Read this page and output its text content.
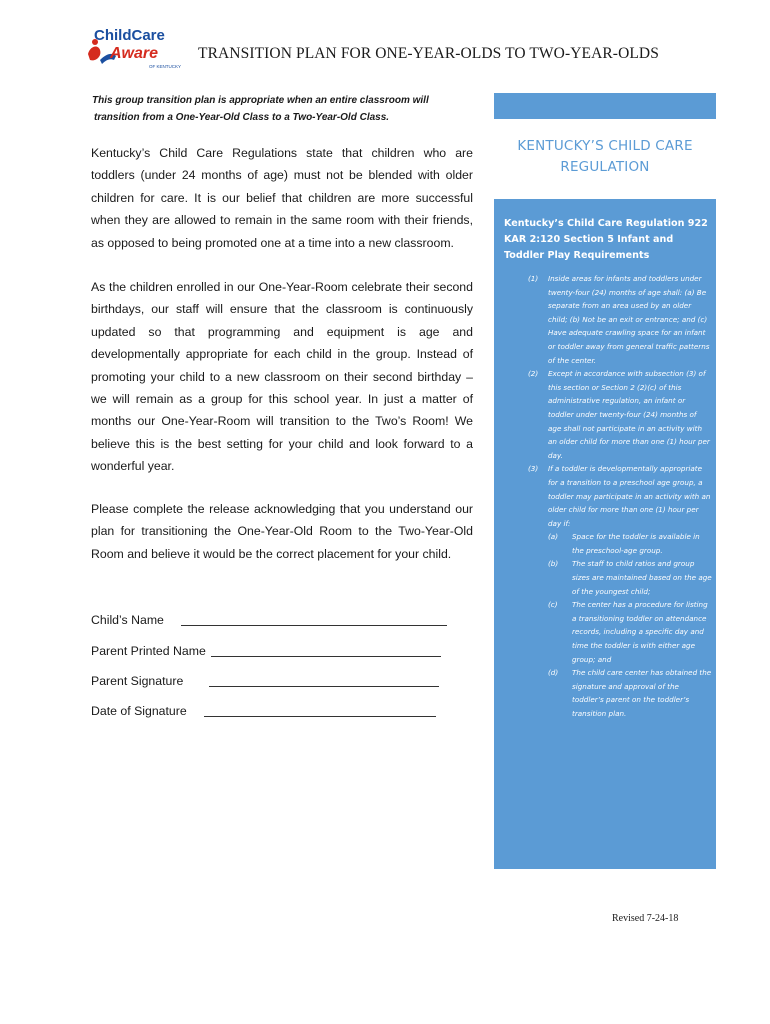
ChildCare
Aware
OF KENTUCKY
TRANSITION PLAN FOR ONE-YEAR-OLDS TO TWO-YEAR-OLDS

This group transition plan is appropriate when an entire classroom will

transition from a One-Year-Old Class to a Two-Year-Old Class.

Kentucky’s Child Care Regulations state that children who are toddlers (under 24 months of age) must not be blended with older children for care. It is our belief that children are more successful when they are allowed to remain in the same room with their friends, as opposed to being promoted one at a time into a new classroom.

As the children enrolled in our One-Year-Room celebrate their second birthdays, our staff will ensure that the classroom is continuously updated so that programming and equipment is age and developmentally appropriate for each child in the group. Instead of promoting your child to a new classroom on their second birthday – we will remain as a group for this school year. In just a matter of months our One-Year-Room will transition to the Two’s Room! We believe this is the best setting for your child and look forward to a wonderful year.

Please complete the release acknowledging that you understand our plan for transitioning the One-Year-Old Room to the Two-Year-Old Room and believe it would be the correct placement for your child.

Child’s Name
Parent Printed Name
Parent Signature
Date of Signature
KENTUCKY’S CHILD CARE REGULATION
Kentucky’s Child Care Regulation 922 KAR 2:120 Section 5 Infant and Toddler Play Requirements
(1) Inside areas for infants and toddlers under twenty-four (24) months of age shall: (a) Be separate from an area used by an older child; (b) Not be an exit or entrance; and (c) Have adequate crawling space for an infant or toddler away from general traffic patterns of the center.
(2) Except in accordance with subsection (3) of this section or Section 2 (2)(c) of this administrative regulation, an infant or toddler under twenty-four (24) months of age shall not participate in an activity with an older child for more than one (1) hour per day.
(3) If a toddler is developmentally appropriate for a transition to a preschool age group, a toddler may participate in an activity with an older child for more than one (1) hour per day if:
(a) Space for the toddler is available in the preschool-age group.
(b) The staff to child ratios and group sizes are maintained based on the age of the youngest child;
(c) The center has a procedure for listing a transitioning toddler on attendance records, including a specific day and time the toddler is with either age group; and
(d) The child care center has obtained the signature and approval of the toddler’s parent on the toddler’s transition plan.
Revised 7-24-18
